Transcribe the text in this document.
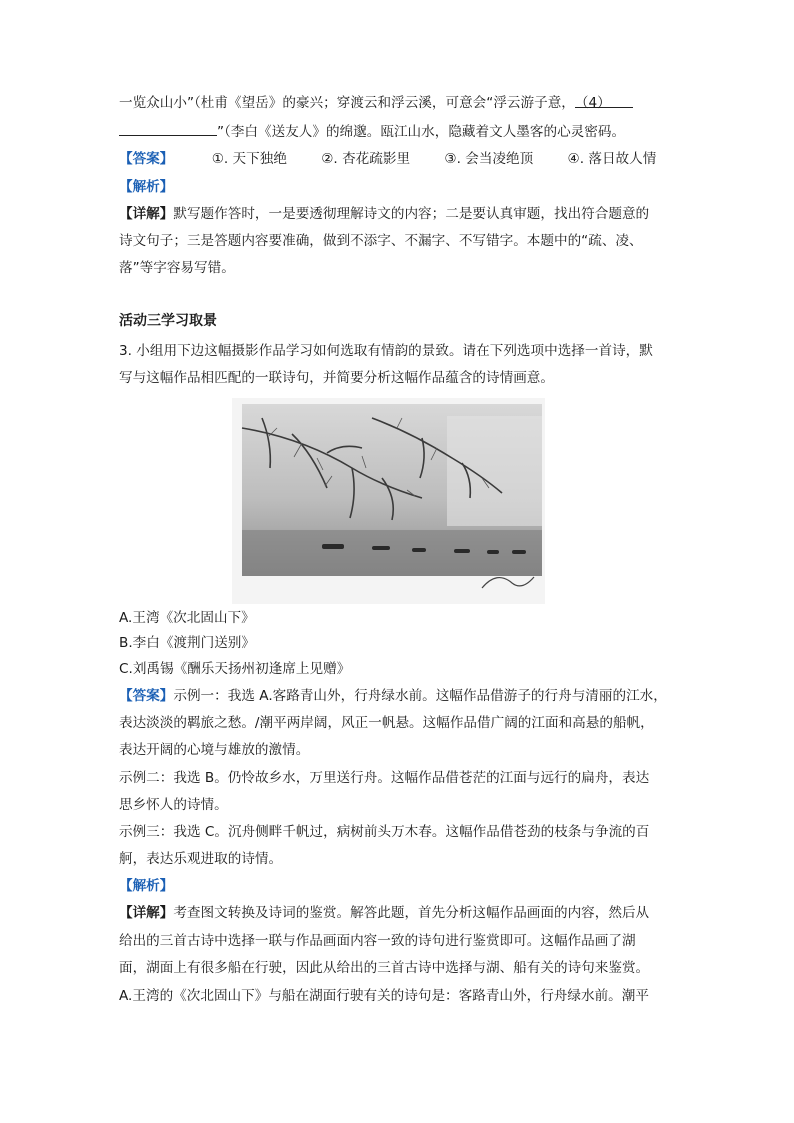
一览众山小”（杜甫《望岳》的豪兴；穿渡云和浮云溪，可意会“浮云游子意，（4）
”（李白《送友人》的绵邈。瓯江山水，隐藏着文人墨客的心灵密码。
【答案】	①. 天下独绝	②. 杏花疏影里	③. 会当凌绝顶	④. 落日故人情
【解析】
【详解】默写题作答时，一是要透彻理解诗文的内容；二是要认真审题，找出符合题意的
诗文句子；三是答题内容要准确，做到不添字、不漏字、不写错字。本题中的“疏、凌、
落”等字容易写错。
活动三学习取景
3. 小组用下边这幅摄影作品学习如何选取有情韵的景致。请在下列选项中选择一首诗，默
写与这幅作品相匹配的一联诗句，并简要分析这幅作品蕴含的诗情画意。
A.王湾《次北固山下》
B.李白《渡荆门送别》
C.刘禹锡《酬乐天扬州初逢席上见赠》
【答案】示例一：我选 A.客路青山外，行舟绿水前。这幅作品借游子的行舟与清丽的江水，
表达淡淡的羁旅之愁。/潮平两岸阔，风正一帆悬。这幅作品借广阔的江面和高悬的船帆，
表达开阔的心境与雄放的激情。
示例二：我选 B。仍怜故乡水，万里送行舟。这幅作品借苍茫的江面与远行的扁舟，表达
思乡怀人的诗情。
示例三：我选 C。沉舟侧畔千帆过，病树前头万木春。这幅作品借苍劲的枝条与争流的百
舸，表达乐观进取的诗情。
【解析】
【详解】考查图文转换及诗词的鉴赏。解答此题，首先分析这幅作品画面的内容，然后从
给出的三首古诗中选择一联与作品画面内容一致的诗句进行鉴赏即可。这幅作品画了湖
面，湖面上有很多船在行驶，因此从给出的三首古诗中选择与湖、船有关的诗句来鉴赏。
A.王湾的《次北固山下》与船在湖面行驶有关的诗句是：客路青山外，行舟绿水前。潮平
